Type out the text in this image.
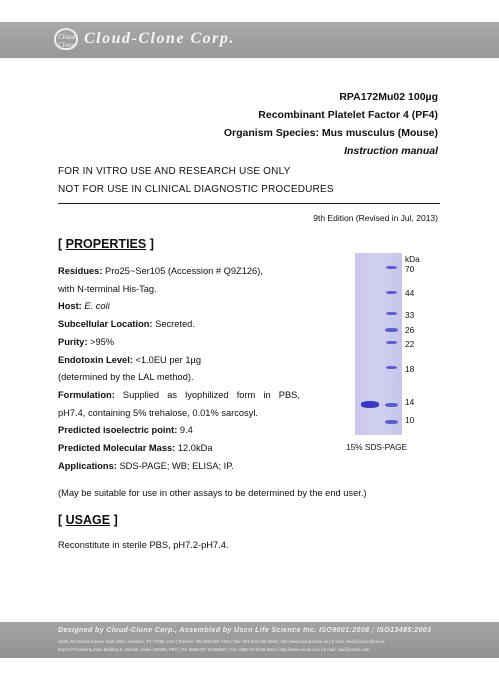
Cloud-Clone Cloud-Clone Corp.
RPA172Mu02 100µg
Recombinant Platelet Factor 4 (PF4)
Organism Species: Mus musculus (Mouse)
Instruction manual
FOR IN VITRO USE AND RESEARCH USE ONLY
NOT FOR USE IN CLINICAL DIAGNOSTIC PROCEDURES
9th Edition (Revised in Jul, 2013)
[ PROPERTIES ]
Residues: Pro25~Ser105 (Accession # Q9Z126),
with N-terminal His-Tag.
Host: E. coli
Subcellular Location: Secreted.
Purity: >95%
Endotoxin Level: <1.0EU per 1µg
(determined by the LAL method).
Formulation: Supplied as lyophilized form in PBS,
pH7.4, containing 5% trehalose, 0.01% sarcosyl.
Predicted isoelectric point: 9.4
Predicted Molecular Mass: 12.0kDa
Applications: SDS-PAGE; WB; ELISA; IP.
(May be suitable for use in other assays to be determined by the end user.)
kDa
70
44
33
26
22
18
14
10
15% SDS-PAGE
[ USAGE ]
Reconstitute in sterile PBS, pH7.2-pH7.4.
Designed by Cloud-Clone Corp., Assembled by Uscn Life Science Inc. ISO9001:2008 ; ISO13485:2003
H235, Richmond Avenue Suite 300A, Houston, TX 77082, USA | Toll-free: 001-888-962-7424 | Fax: 001-832-538-0984 | http://www.cloud-clone.us | E-mail: mail@cloud-clone.us
Export Processing Zone Building E, Wuhan, Hubei 430056, PRC | Tel: 0086-027-84259552 | Fax: 0086-27-8425-9551 | http://www.uscnk.com | E-mail: mail@uscnk.com
